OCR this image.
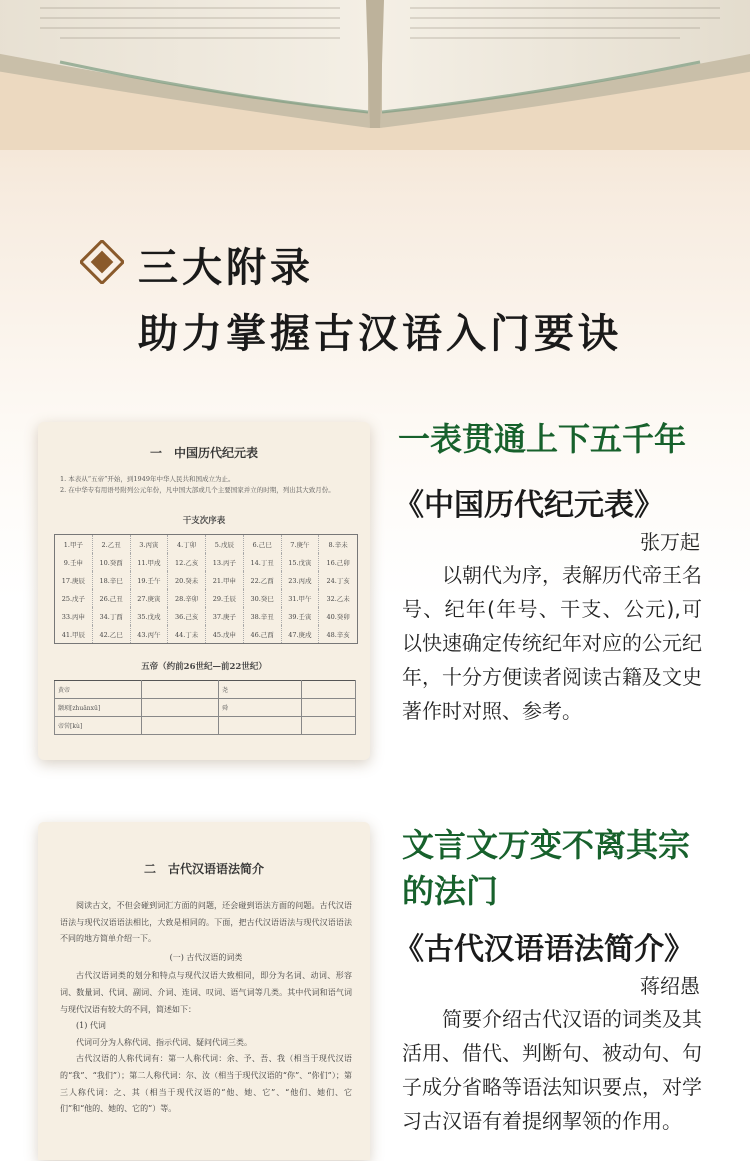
三大附录
助力掌握古汉语入门要诀
一　中国历代纪元表
1. 本表从“五帝”开始，到1949年中华人民共和国成立为止。
2. 在中华专有用语号附列公元年份，凡中国大部或几个主要国家并立的时期，列出其大致月份。
干支次序表
1.甲子	2.乙丑	3.丙寅	4.丁卯	5.戊辰	6.己巳	7.庚午	8.辛未
9.壬申	10.癸酉	11.甲戌	12.乙亥	13.丙子	14.丁丑	15.戊寅	16.己卯
17.庚辰	18.辛巳	19.壬午	20.癸未	21.甲申	22.乙酉	23.丙戌	24.丁亥
25.戊子	26.己丑	27.庚寅	28.辛卯	29.壬辰	30.癸巳	31.甲午	32.乙未
33.丙申	34.丁酉	35.戊戌	36.己亥	37.庚子	38.辛丑	39.壬寅	40.癸卯
41.甲辰	42.乙巳	43.丙午	44.丁未	45.戊申	46.己酉	47.庚戌	48.辛亥
五帝（约前26世纪—前22世纪）
黄帝		尧	
颛顼[zhuānxū]		舜	
帝喾[kù]			
一表贯通上下五千年
《中国历代纪元表》
张万起
以朝代为序，表解历代帝王名号、纪年(年号、干支、公元),可以快速确定传统纪年对应的公元纪年，十分方便读者阅读古籍及文史著作时对照、参考。
二　古代汉语语法简介

阅读古文，不但会碰到词汇方面的问题，还会碰到语法方面的问题。古代汉语语法与现代汉语语法相比，大致是相同的。下面，把古代汉语语法与现代汉语语法不同的地方简单介绍一下。

(一) 古代汉语的词类

古代汉语词类的划分和特点与现代汉语大致相同，即分为名词、动词、形容词、数量词、代词、副词、介词、连词、叹词、语气词等几类。其中代词和语气词与现代汉语有较大的不同，简述如下：

(1) 代词

代词可分为人称代词、指示代词、疑问代词三类。

古代汉语的人称代词有：第一人称代词：余、予、吾、我（相当于现代汉语的“我”、“我们”）；第二人称代词：尔、汝（相当于现代汉语的“你”、“你们”）；第三人称代词：之、其（相当于现代汉语的“他、她、它”、“他们、她们、它们”和“他的、她的、它的”）等。

文言文万变不离其宗
的法门
《古代汉语语法简介》
蒋绍愚
简要介绍古代汉语的词类及其活用、借代、判断句、被动句、句子成分省略等语法知识要点，对学习古汉语有着提纲挈领的作用。
